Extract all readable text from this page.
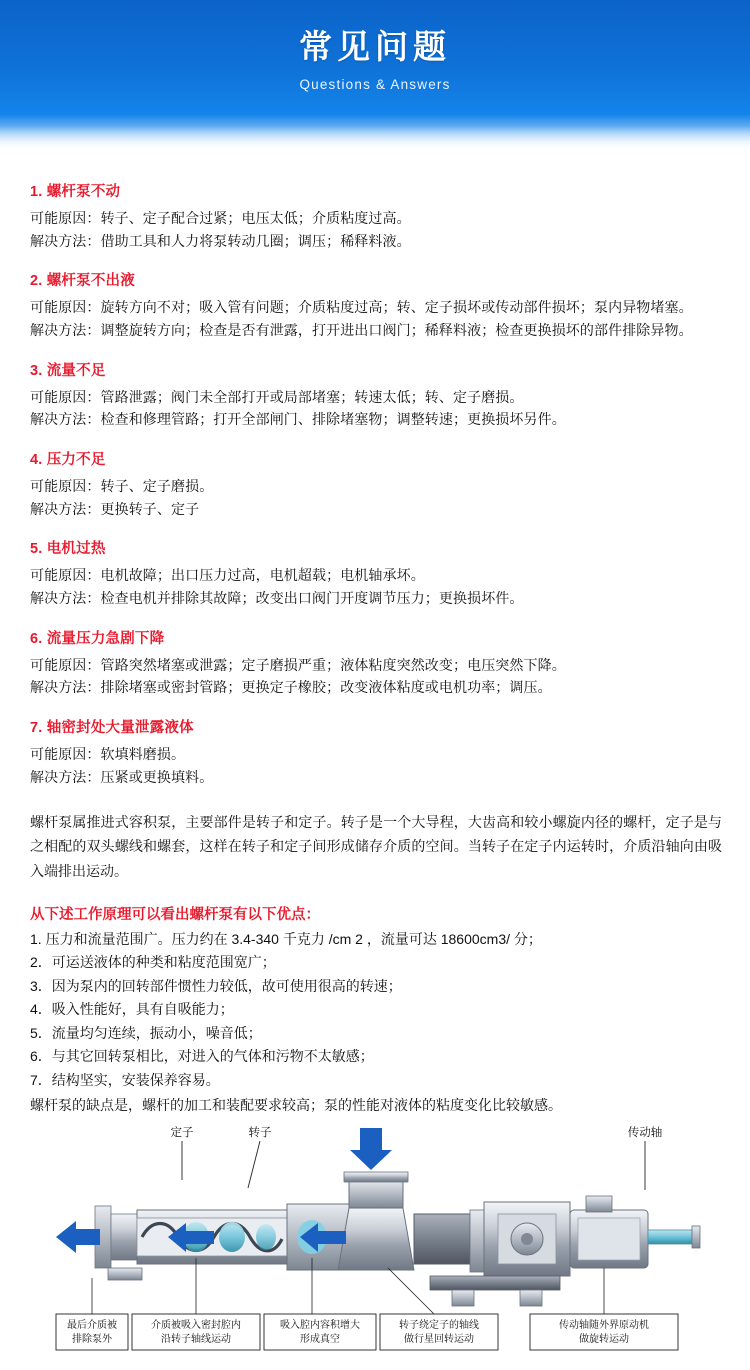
常见问题
Questions & Answers
1. 螺杆泵不动
可能原因：转子、定子配合过紧；电压太低；介质粘度过高。
解决方法：借助工具和人力将泵转动几圈；调压；稀释料液。
2. 螺杆泵不出液
可能原因：旋转方向不对；吸入管有问题；介质粘度过高；转、定子损坏或传动部件损坏；泵内异物堵塞。
解决方法：调整旋转方向；检查是否有泄露，打开进出口阀门；稀释料液；检查更换损坏的部件排除异物。
3. 流量不足
可能原因：管路泄露；阀门未全部打开或局部堵塞；转速太低；转、定子磨损。
解决方法：检查和修理管路；打开全部闸门、排除堵塞物；调整转速；更换损坏另件。
4. 压力不足
可能原因：转子、定子磨损。
解决方法：更换转子、定子
5. 电机过热
可能原因：电机故障；出口压力过高，电机超载；电机轴承坏。
解决方法：检查电机并排除其故障；改变出口阀门开度调节压力；更换损坏件。
6. 流量压力急剧下降
可能原因：管路突然堵塞或泄露；定子磨损严重；液体粘度突然改变；电压突然下降。
解决方法：排除堵塞或密封管路；更换定子橡胶；改变液体粘度或电机功率；调压。
7. 轴密封处大量泄露液体
可能原因：软填料磨损。
解决方法：压紧或更换填料。
螺杆泵属推进式容积泵，主要部件是转子和定子。转子是一个大导程，大齿高和较小螺旋内径的螺杆，定子是与之相配的双头螺线和螺套，这样在转子和定子间形成储存介质的空间。当转子在定子内运转时，介质沿轴向由吸入端排出运动。
从下述工作原理可以看出螺杆泵有以下优点：
1. 压力和流量范围广。压力约在 3.4-340 千克力 /cm 2 ，流量可达 18600cm3/ 分；
2．可运送液体的种类和粘度范围宽广；
3．因为泵内的回转部件惯性力较低，故可使用很高的转速；
4．吸入性能好，具有自吸能力；
5．流量均匀连续，振动小，噪音低；
6．与其它回转泵相比，对进入的气体和污物不太敏感；
7．结构坚实，安装保养容易。
螺杆泵的缺点是，螺杆的加工和装配要求较高；泵的性能对液体的粘度变化比较敏感。
定子	转子	传动轴
最后介质被
排除泵外
介质被吸入密封腔内
沿转子轴线运动
吸入腔内容积增大
形成真空
转子绕定子的轴线
做行星回转运动
传动轴随外界原动机
做旋转运动
